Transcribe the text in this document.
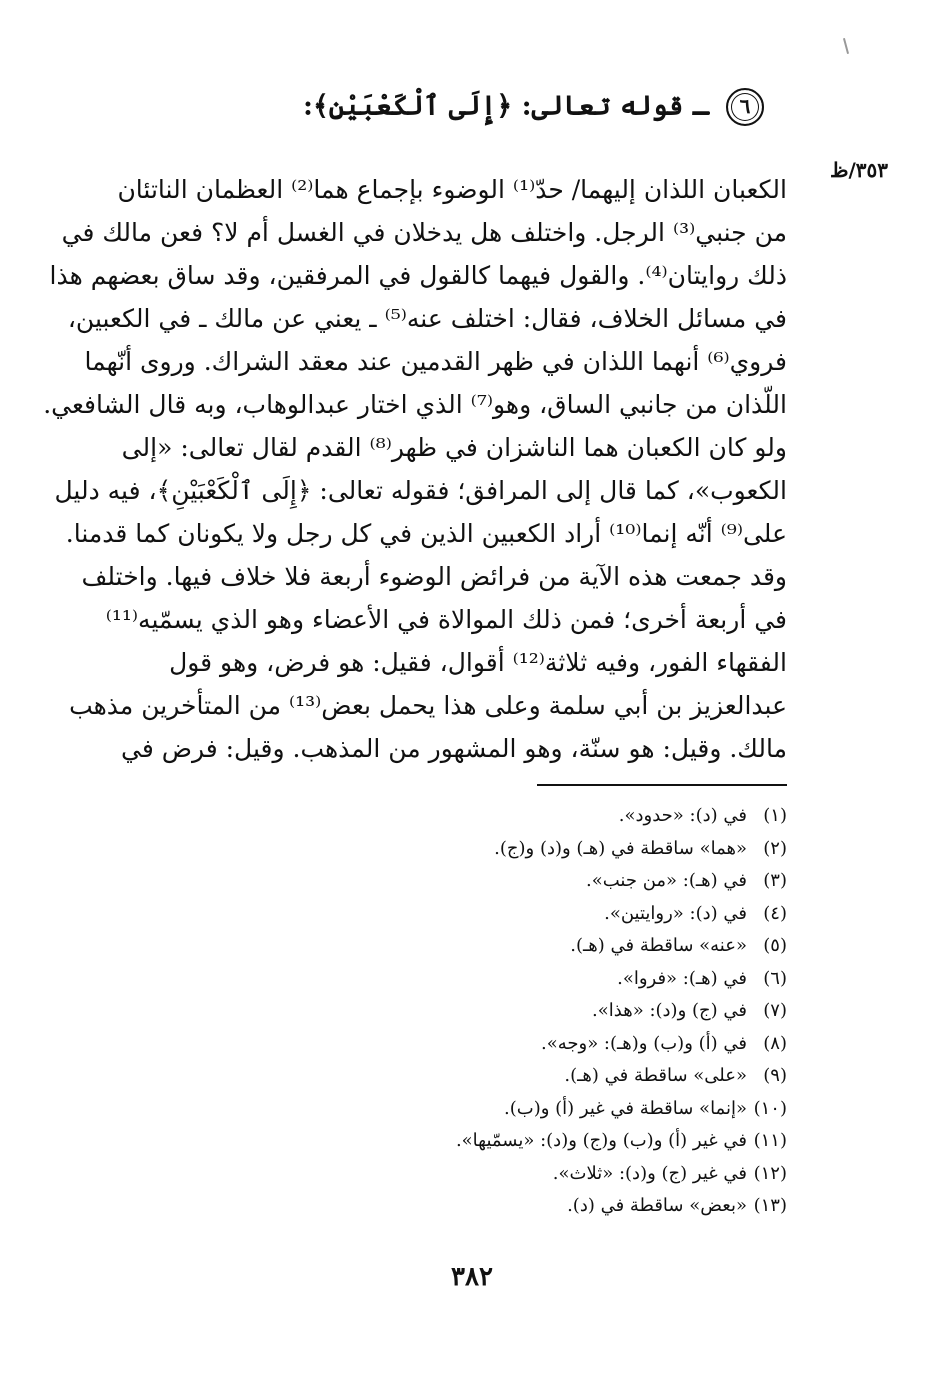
٦ ـ قوله تعالى: ﴿إِلَى ٱلْكَعْبَيْنِ﴾:
٣٥٣/ظ

الكعبان اللذان إليهما/ حدّ⁽¹⁾ الوضوء بإجماع هما⁽²⁾ العظمان الناتئان

من جنبي⁽³⁾ الرجل. واختلف هل يدخلان في الغسل أم لا؟ فعن مالك في

ذلك روايتان⁽⁴⁾. والقول فيهما كالقول في المرفقين، وقد ساق بعضهم هذا

في مسائل الخلاف، فقال: اختلف عنه⁽⁵⁾ ـ يعني عن مالك ـ في الكعبين،

فروي⁽⁶⁾ أنهما اللذان في ظهر القدمين عند معقد الشراك. وروى أنّهما

اللّذان من جانبي الساق، وهو⁽⁷⁾ الذي اختار عبدالوهاب، وبه قال الشافعي.

ولو كان الكعبان هما الناشزان في ظهر⁽⁸⁾ القدم لقال تعالى: «إلى

الكعوب»، كما قال إلى المرافق؛ فقوله تعالى: ﴿إِلَى ٱلْكَعْبَيْنِ﴾، فيه دليل

على⁽⁹⁾ أنّه إنما⁽¹⁰⁾ أراد الكعبين الذين في كل رجل ولا يكونان كما قدمنا.

وقد جمعت هذه الآية من فرائض الوضوء أربعة فلا خلاف فيها. واختلف

في أربعة أخرى؛ فمن ذلك الموالاة في الأعضاء وهو الذي يسمّيه⁽¹¹⁾

الفقهاء الفور، وفيه ثلاثة⁽¹²⁾ أقوال، فقيل: هو فرض، وهو قول

عبدالعزيز بن أبي سلمة وعلى هذا يحمل بعض⁽¹³⁾ من المتأخرين مذهب

مالك. وقيل: هو سنّة، وهو المشهور من المذهب. وقيل: فرض في

(١)في (د): «حدود».
(٢)«هما» ساقطة في (هـ) و(د) و(ج).
(٣)في (هـ): «من جنب».
(٤)في (د): «روايتين».
(٥)«عنه» ساقطة في (هـ).
(٦)في (هـ): «فروا».
(٧)في (ج) و(د): «هذا».
(٨)في (أ) و(ب) و(هـ): «وجه».
(٩)«على» ساقطة في (هـ).
(١٠)«إنما» ساقطة في غير (أ) و(ب).
(١١)في غير (أ) و(ب) و(ج) و(د): «يسمّيها».
(١٢)في غير (ج) و(د): «ثلاث».
(١٣)«بعض» ساقطة في (د).
٣٨٢
